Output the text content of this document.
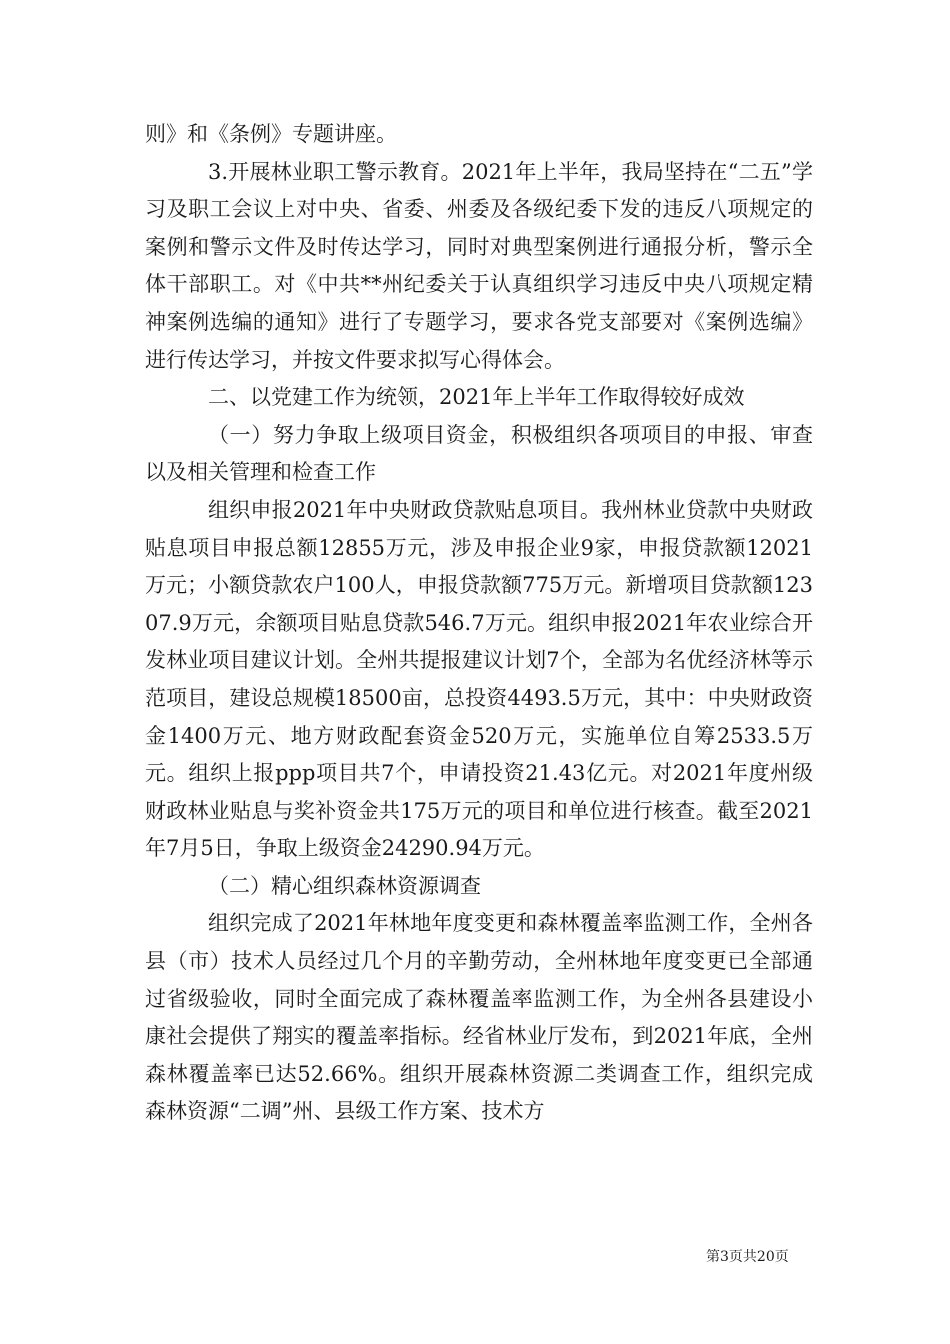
则》和《条例》专题讲座。

3.开展林业职工警示教育。2021年上半年，我局坚持在“二五”学习及职工会议上对中央、省委、州委及各级纪委下发的违反八项规定的案例和警示文件及时传达学习，同时对典型案例进行通报分析，警示全体干部职工。对《中共**州纪委关于认真组织学习违反中央八项规定精神案例选编的通知》进行了专题学习，要求各党支部要对《案例选编》进行传达学习，并按文件要求拟写心得体会。

二、以党建工作为统领，2021年上半年工作取得较好成效

（一）努力争取上级项目资金，积极组织各项项目的申报、审查以及相关管理和检查工作

组织申报2021年中央财政贷款贴息项目。我州林业贷款中央财政贴息项目申报总额12855万元，涉及申报企业9家，申报贷款额12021万元；小额贷款农户100人，申报贷款额775万元。新增项目贷款额12307.9万元，余额项目贴息贷款546.7万元。组织申报2021年农业综合开发林业项目建议计划。全州共提报建议计划7个，全部为名优经济林等示范项目，建设总规模18500亩，总投资4493.5万元，其中：中央财政资金1400万元、地方财政配套资金520万元，实施单位自筹2533.5万元。组织上报ppp项目共7个，申请投资21.43亿元。对2021年度州级财政林业贴息与奖补资金共175万元的项目和单位进行核查。截至2021年7月5日，争取上级资金24290.94万元。

（二）精心组织森林资源调查

组织完成了2021年林地年度变更和森林覆盖率监测工作，全州各县（市）技术人员经过几个月的辛勤劳动，全州林地年度变更已全部通过省级验收，同时全面完成了森林覆盖率监测工作，为全州各县建设小康社会提供了翔实的覆盖率指标。经省林业厅发布，到2021年底，全州森林覆盖率已达52.66%。组织开展森林资源二类调查工作，组织完成森林资源“二调”州、县级工作方案、技术方

第3页共20页
